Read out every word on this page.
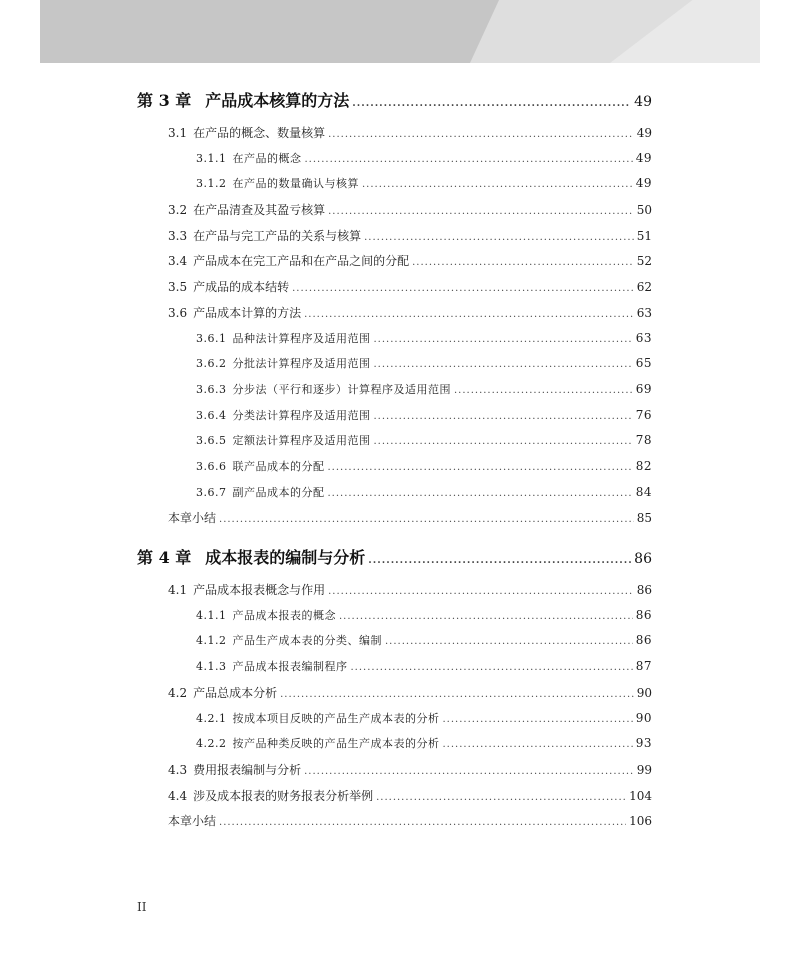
第 3 章 产品成本核算的方法 .....	49
3.1 在产品的概念、数量核算 .....	49
3.1.1 在产品的概念 .....	49
3.1.2 在产品的数量确认与核算 .....	49
3.2 在产品清查及其盈亏核算 .....	50
3.3 在产品与完工产品的关系与核算 .....	51
3.4 产品成本在完工产品和在产品之间的分配 .....	52
3.5 产成品的成本结转 .....	62
3.6 产品成本计算的方法 .....	63
3.6.1 品种法计算程序及适用范围 .....	63
3.6.2 分批法计算程序及适用范围 .....	65
3.6.3 分步法（平行和逐步）计算程序及适用范围 .....	69
3.6.4 分类法计算程序及适用范围 .....	76
3.6.5 定额法计算程序及适用范围 .....	78
3.6.6 联产品成本的分配 .....	82
3.6.7 副产品成本的分配 .....	84
本章小结 .....	85
第 4 章 成本报表的编制与分析 .....	86
4.1 产品成本报表概念与作用 .....	86
4.1.1 产品成本报表的概念 .....	86
4.1.2 产品生产成本表的分类、编制 .....	86
4.1.3 产品成本报表编制程序 .....	87
4.2 产品总成本分析 .....	90
4.2.1 按成本项目反映的产品生产成本表的分析 .....	90
4.2.2 按产品种类反映的产品生产成本表的分析 .....	93
4.3 费用报表编制与分析 .....	99
4.4 涉及成本报表的财务报表分析举例 .....	104
本章小结 .....	106
II
